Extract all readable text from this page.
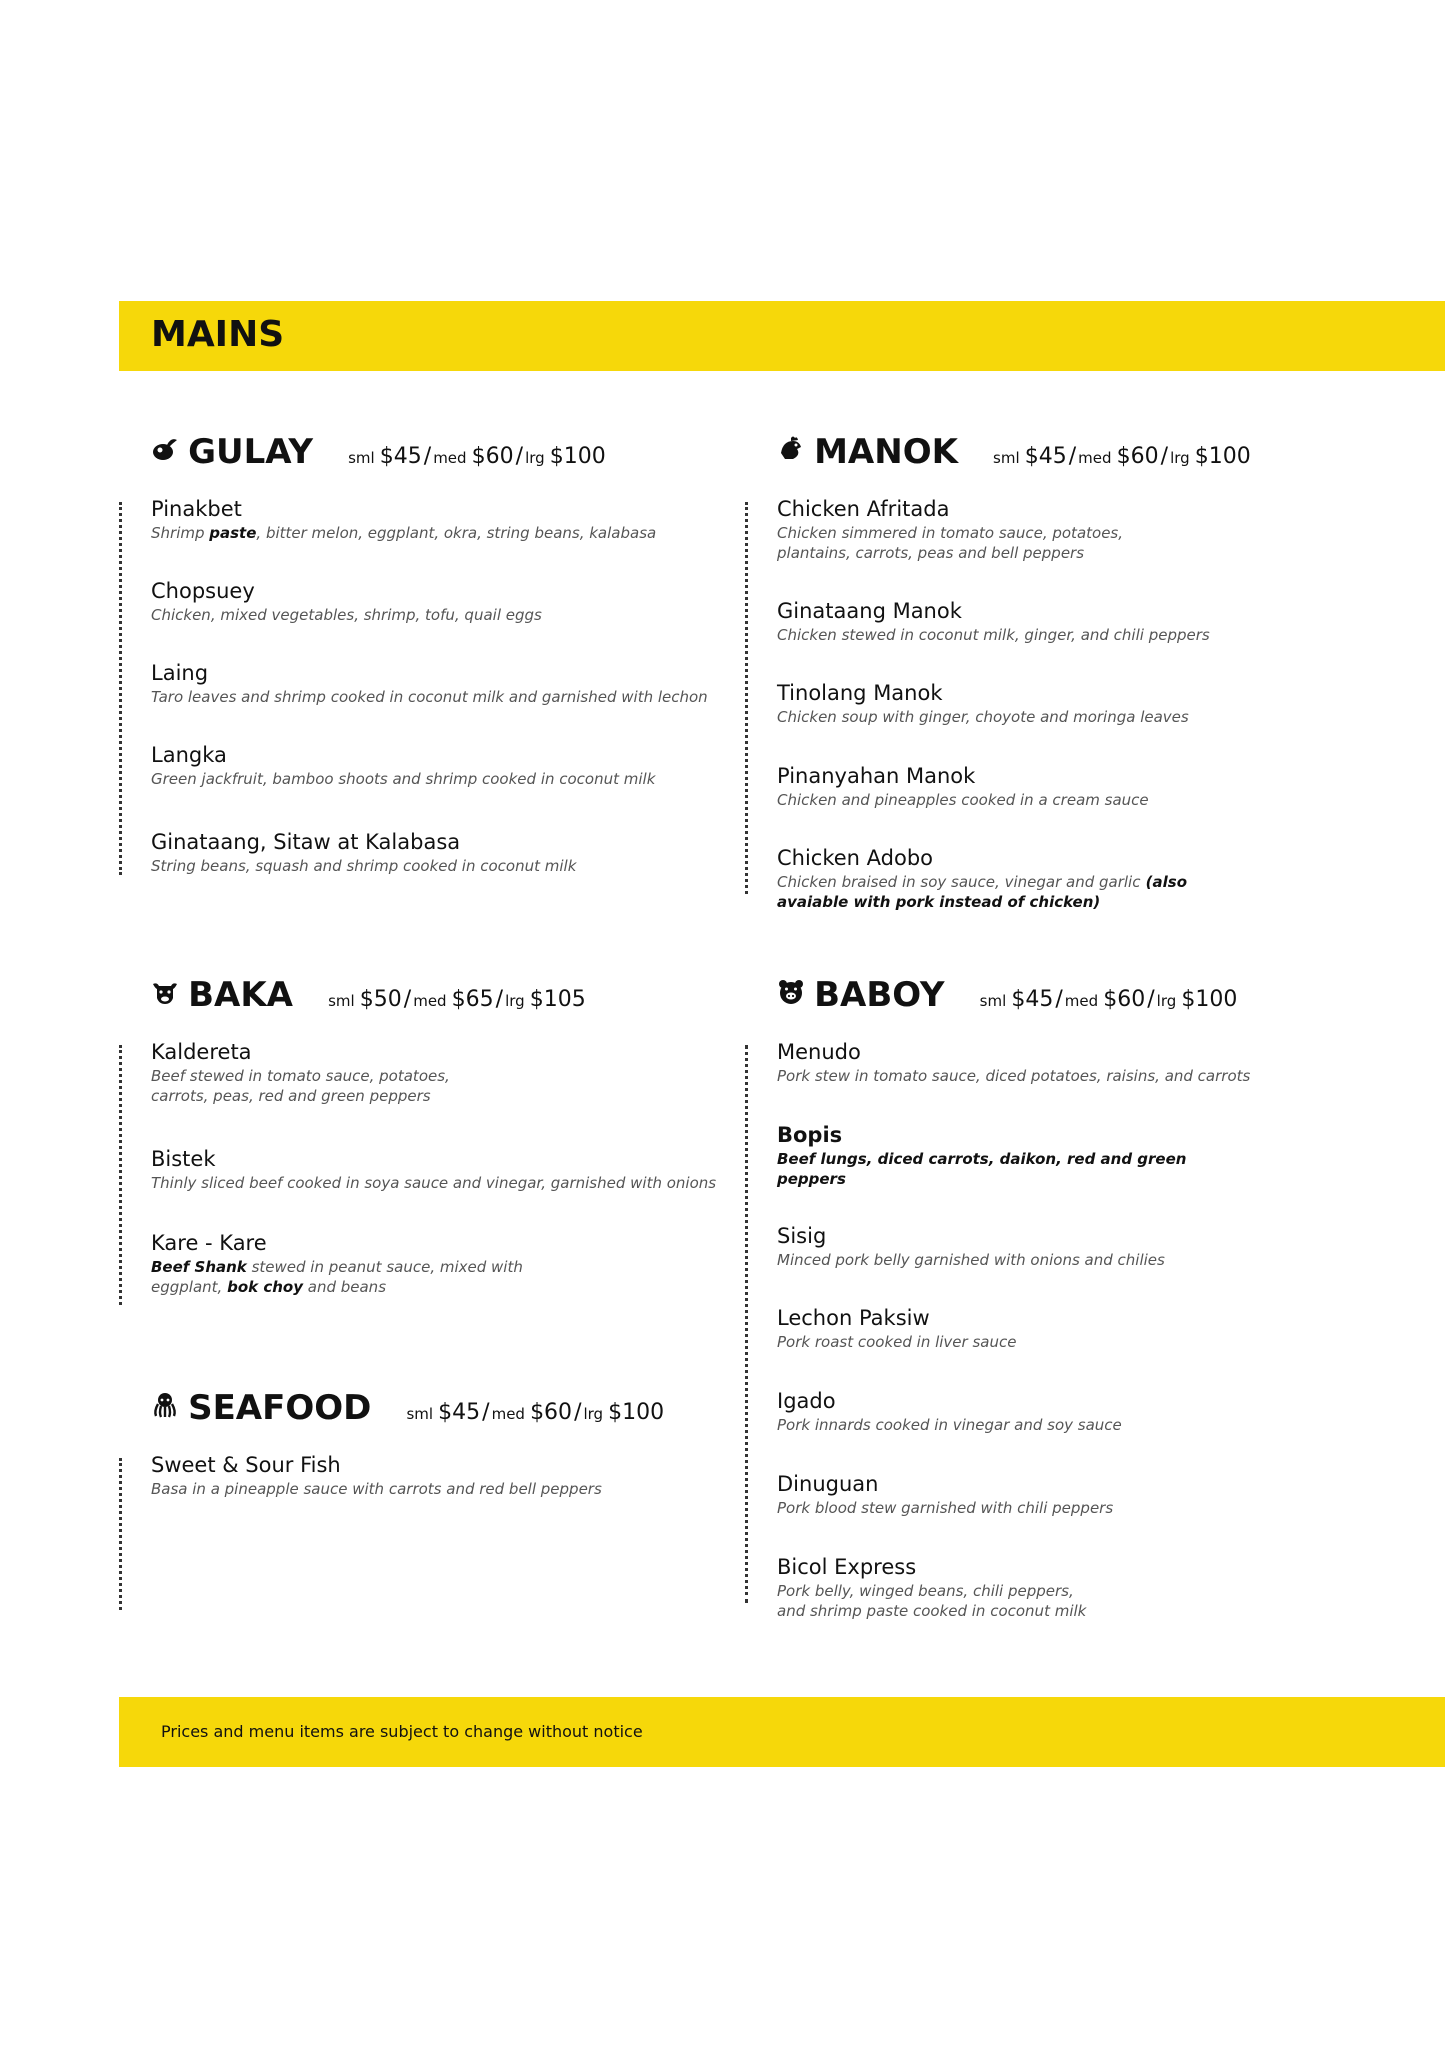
MAINS
GULAY sml $45/ med $60/ lrg $100
Pinakbet
Shrimp paste, bitter melon, eggplant, okra, string beans, kalabasa
Chopsuey
Chicken, mixed vegetables, shrimp, tofu, quail eggs
Laing
Taro leaves and shrimp cooked in coconut milk and garnished with lechon
Langka
Green jackfruit, bamboo shoots and shrimp cooked in coconut milk
Ginataang, Sitaw at Kalabasa
String beans, squash and shrimp cooked in coconut milk
MANOK sml $45/ med $60/ lrg $100
Chicken Afritada
Chicken simmered in tomato sauce, potatoes,
plantains, carrots, peas and bell peppers
Ginataang Manok
Chicken stewed in coconut milk, ginger, and chili peppers
Tinolang Manok
Chicken soup with ginger, choyote and moringa leaves
Pinanyahan Manok
Chicken and pineapples cooked in a cream sauce
Chicken Adobo
Chicken braised in soy sauce, vinegar and garlic (also
avaiable with pork instead of chicken)
BAKA sml $50/ med $65/ lrg $105
Kaldereta
Beef stewed in tomato sauce, potatoes,
carrots, peas, red and green peppers
Bistek
Thinly sliced beef cooked in soya sauce and vinegar, garnished with onions
Kare - Kare
Beef Shank stewed in peanut sauce, mixed with
eggplant, bok choy and beans
SEAFOOD sml $45/ med $60/ lrg $100
Sweet & Sour Fish
Basa in a pineapple sauce with carrots and red bell peppers
BABOY sml $45/ med $60/ lrg $100
Menudo
Pork stew in tomato sauce, diced potatoes, raisins, and carrots
Bopis
Beef lungs, diced carrots, daikon, red and green
peppers
Sisig
Minced pork belly garnished with onions and chilies
Lechon Paksiw
Pork roast cooked in liver sauce
Igado
Pork innards cooked in vinegar and soy sauce
Dinuguan
Pork blood stew garnished with chili peppers
Bicol Express
Pork belly, winged beans, chili peppers,
and shrimp paste cooked in coconut milk
Prices and menu items are subject to change without notice
